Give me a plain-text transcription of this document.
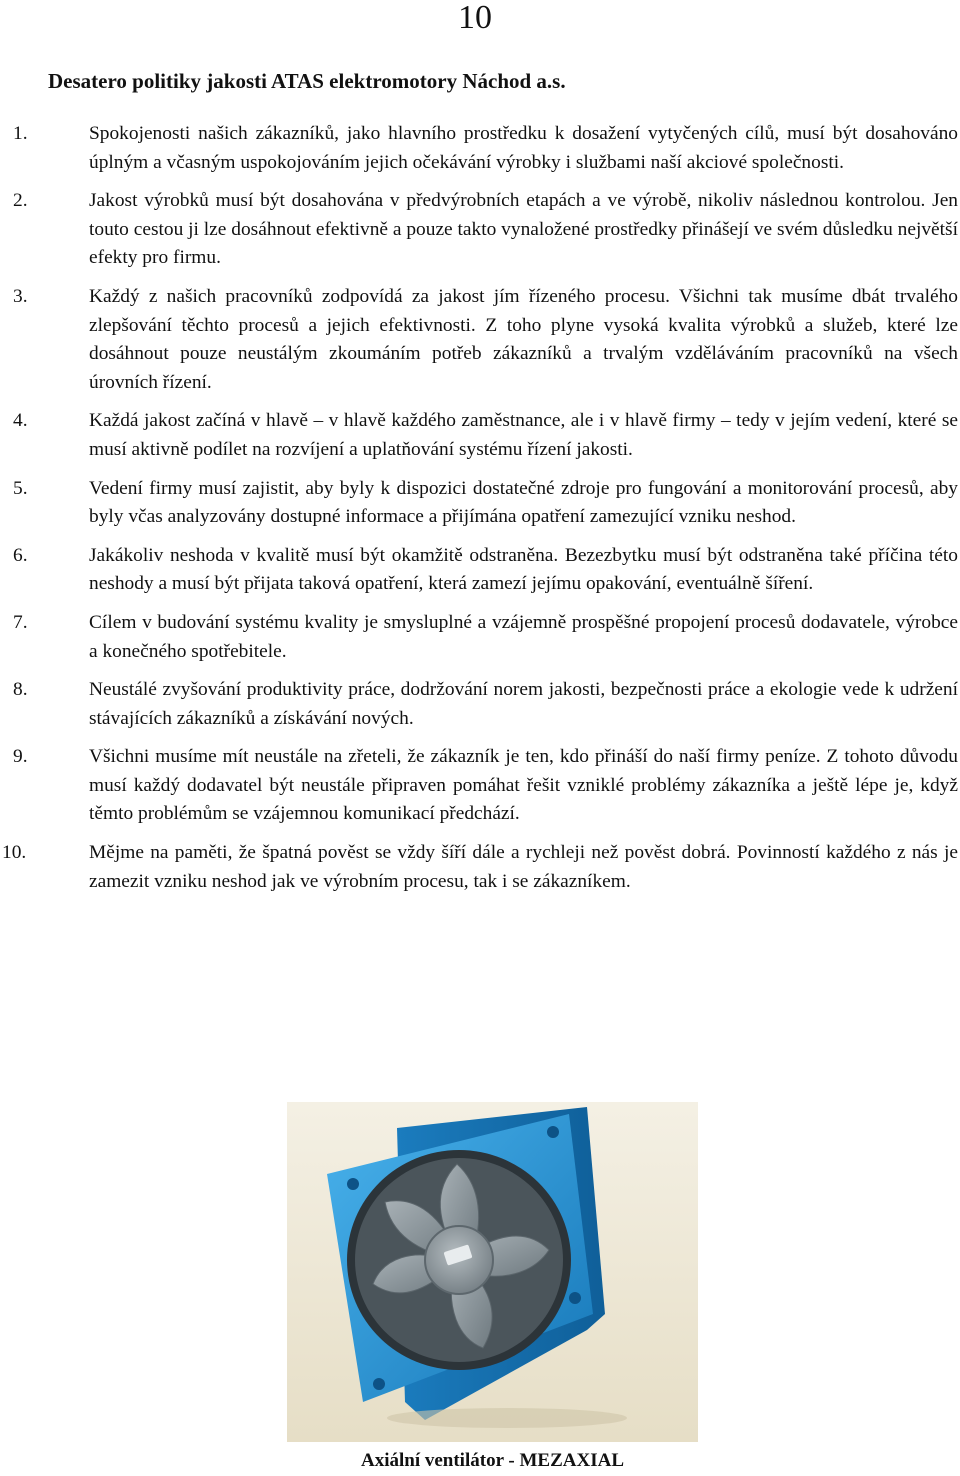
10
Desatero politiky jakosti ATAS elektromotory Náchod a.s.
1.	Spokojenosti našich zákazníků, jako hlavního prostředku k dosažení vytyčených cílů, musí být dosahováno úplným a včasným uspokojováním jejich očekávání výrobky i službami naší akciové společnosti.
2.	Jakost výrobků musí být dosahována v předvýrobních etapách a ve výrobě, nikoliv následnou kontrolou. Jen touto cestou ji lze dosáhnout efektivně a pouze takto vynaložené prostředky přinášejí ve svém důsledku největší efekty pro firmu.
3.	Každý z našich pracovníků zodpovídá za jakost jím řízeného procesu. Všichni tak musíme dbát trvalého zlepšování těchto procesů a jejich efektivnosti. Z toho plyne vysoká kvalita výrobků a služeb, které lze dosáhnout pouze neustálým zkoumáním potřeb zákazníků a trvalým vzděláváním pracovníků na všech úrovních řízení.
4.	Každá jakost začíná v hlavě – v hlavě každého zaměstnance, ale i v hlavě firmy – tedy v jejím vedení, které se musí aktivně podílet na rozvíjení a uplatňování systému řízení jakosti.
5.	Vedení firmy musí zajistit, aby byly k dispozici dostatečné zdroje pro fungování a monitorování procesů, aby byly včas analyzovány dostupné informace a přijímána opatření zamezující vzniku neshod.
6.	Jakákoliv neshoda v kvalitě musí být okamžitě odstraněna. Bezezbytku musí být odstraněna také příčina této neshody a musí být přijata taková opatření, která zamezí jejímu opakování, eventuálně šíření.
7.	Cílem v budování systému kvality je smysluplné a vzájemně prospěšné propojení procesů dodavatele, výrobce a konečného spotřebitele.
8.	Neustálé zvyšování produktivity práce, dodržování norem jakosti, bezpečnosti práce a ekologie vede k udržení stávajících zákazníků a získávání nových.
9.	Všichni musíme mít neustále na zřeteli, že zákazník je ten, kdo přináší do naší firmy peníze. Z tohoto důvodu musí každý dodavatel být neustále připraven pomáhat řešit vzniklé problémy zákazníka a ještě lépe je, když těmto problémům se vzájemnou komunikací předchází.
10.	Mějme na paměti, že špatná pověst se vždy šíří dále a rychleji než pověst dobrá. Povinností každého z nás je zamezit vzniku neshod jak ve výrobním procesu, tak i se zákazníkem.
Axiální ventilátor - MEZAXIAL
